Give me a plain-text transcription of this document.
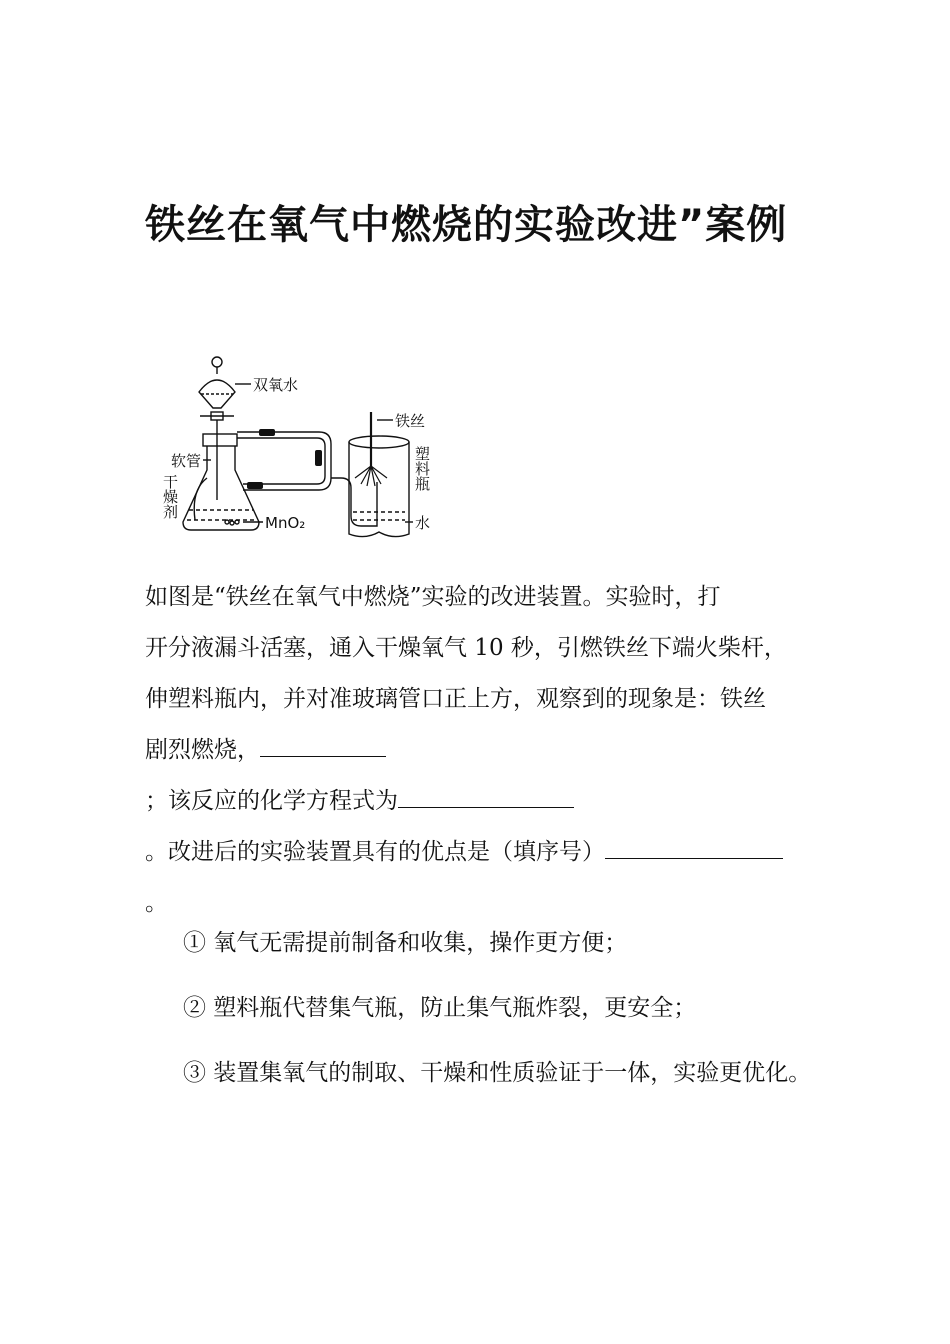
铁丝在氧气中燃烧的实验改进”案例
双氧水
铁丝
软管
MnO₂	水
干燥剂
塑料瓶
如图是“铁丝在氧气中燃烧”实验的改进装置。实验时，打
开分液漏斗活塞，通入干燥氧气 10 秒，引燃铁丝下端火柴杆，
伸塑料瓶内，并对准玻璃管口正上方，观察到的现象是：铁丝
剧烈燃烧，
；该反应的化学方程式为
。改进后的实验装置具有的优点是（填序号）
。

① 氧气无需提前制备和收集，操作更方便；

② 塑料瓶代替集气瓶，防止集气瓶炸裂，更安全；

③ 装置集氧气的制取、干燥和性质验证于一体，实验更优化。
